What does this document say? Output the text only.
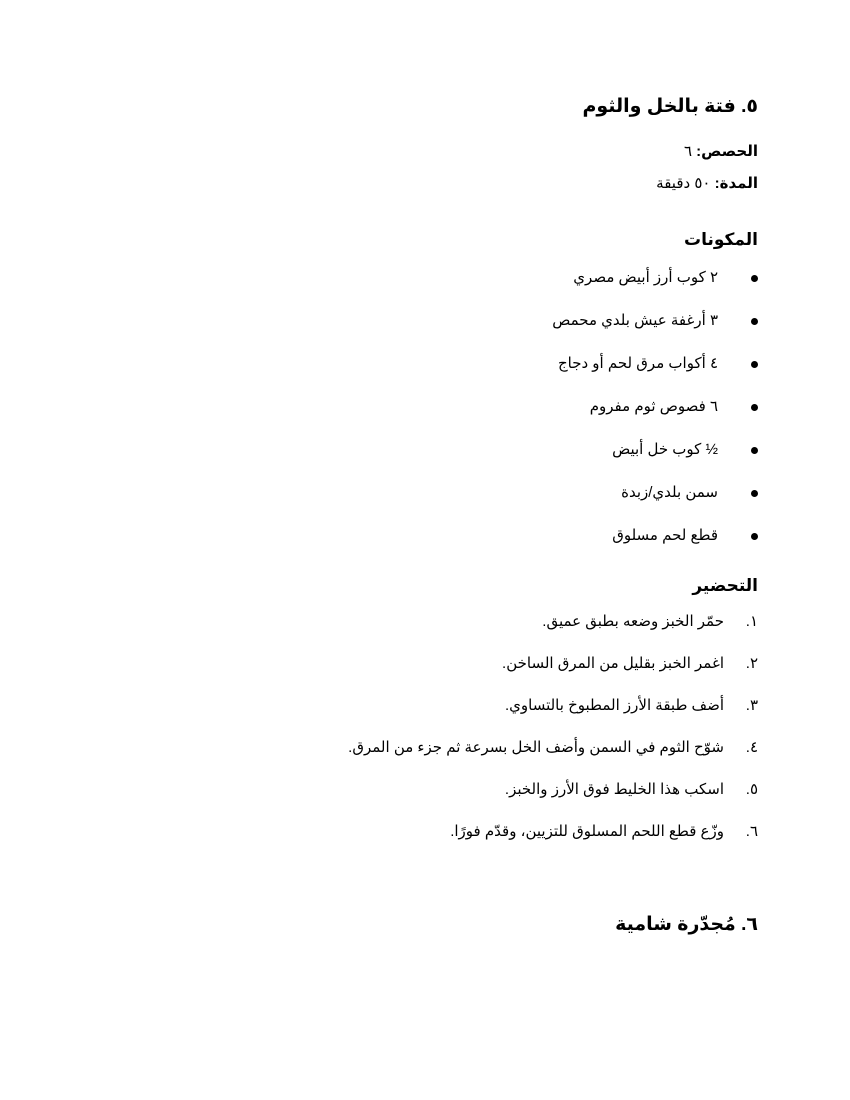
٥. فتة بالخل والثوم

الحصص: ٦

المدة: ٥٠ دقيقة

المكونات
٢ كوب أرز أبيض مصري
٣ أرغفة عيش بلدي محمص
٤ أكواب مرق لحم أو دجاج
٦ فصوص ثوم مفروم
½ كوب خل أبيض
سمن بلدي/زبدة
قطع لحم مسلوق
التحضير
١.
حمّر الخبز وضعه بطبق عميق.
٢.
اغمر الخبز بقليل من المرق الساخن.
٣.
أضف طبقة الأرز المطبوخ بالتساوي.
٤.
شوّح الثوم في السمن وأضف الخل بسرعة ثم جزء من المرق.
٥.
اسكب هذا الخليط فوق الأرز والخبز.
٦.
وزّع قطع اللحم المسلوق للتزيين، وقدّم فورًا.
٦. مُجدّرة شامية
